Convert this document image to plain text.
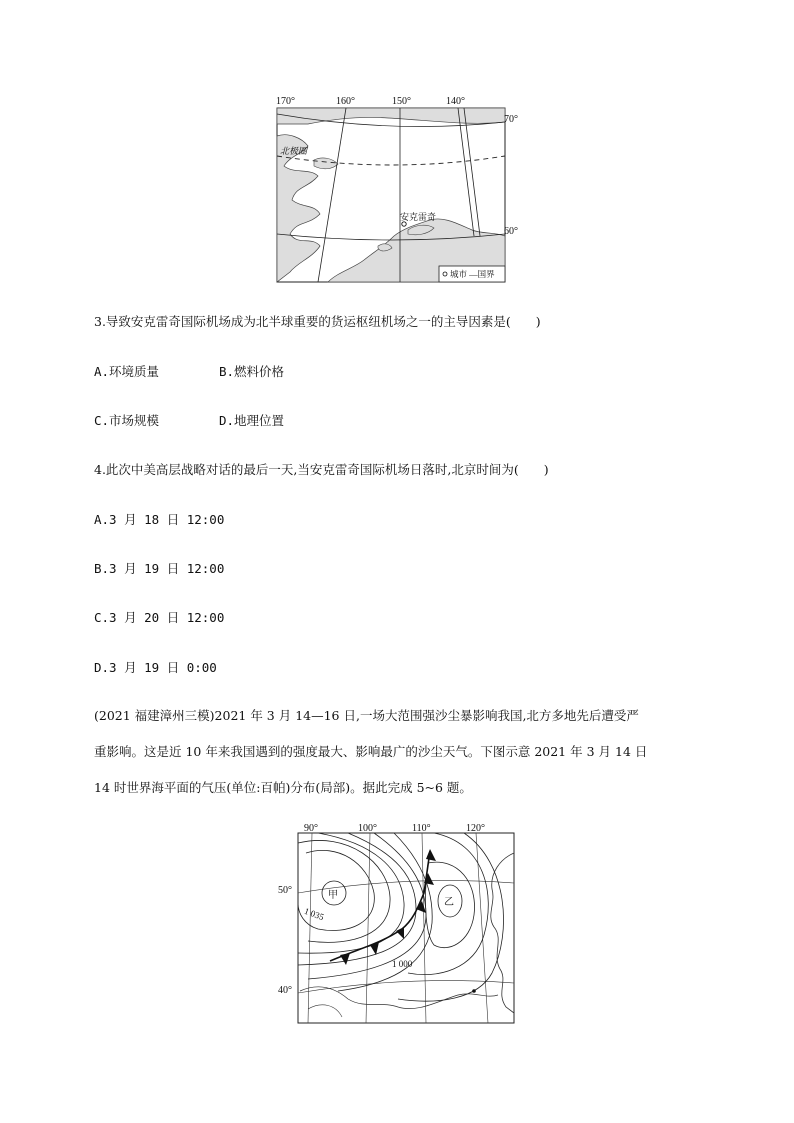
170°	160°	150°	140°
70°
60°
北极圈
安克雷奇
城市 —国界
3.导致安克雷奇国际机场成为北半球重要的货运枢纽机场之一的主导因素是(　　)
A.环境质量	B.燃料价格
C.市场规模	D.地理位置
4.此次中美高层战略对话的最后一天,当安克雷奇国际机场日落时,北京时间为(　　)
A.3 月 18 日 12:00
B.3 月 19 日 12:00
C.3 月 20 日 12:00
D.3 月 19 日 0:00
(2021 福建漳州三模)2021 年 3 月 14—16 日,一场大范围强沙尘暴影响我国,北方多地先后遭受严
重影响。这是近 10 年来我国遇到的强度最大、影响最广的沙尘天气。下图示意 2021 年 3 月 14 日
14 时世界海平面的气压(单位:百帕)分布(局部)。据此完成 5~6 题。
90°	100°	110°	120°
50°
40°
甲
乙
1 035
1 000
